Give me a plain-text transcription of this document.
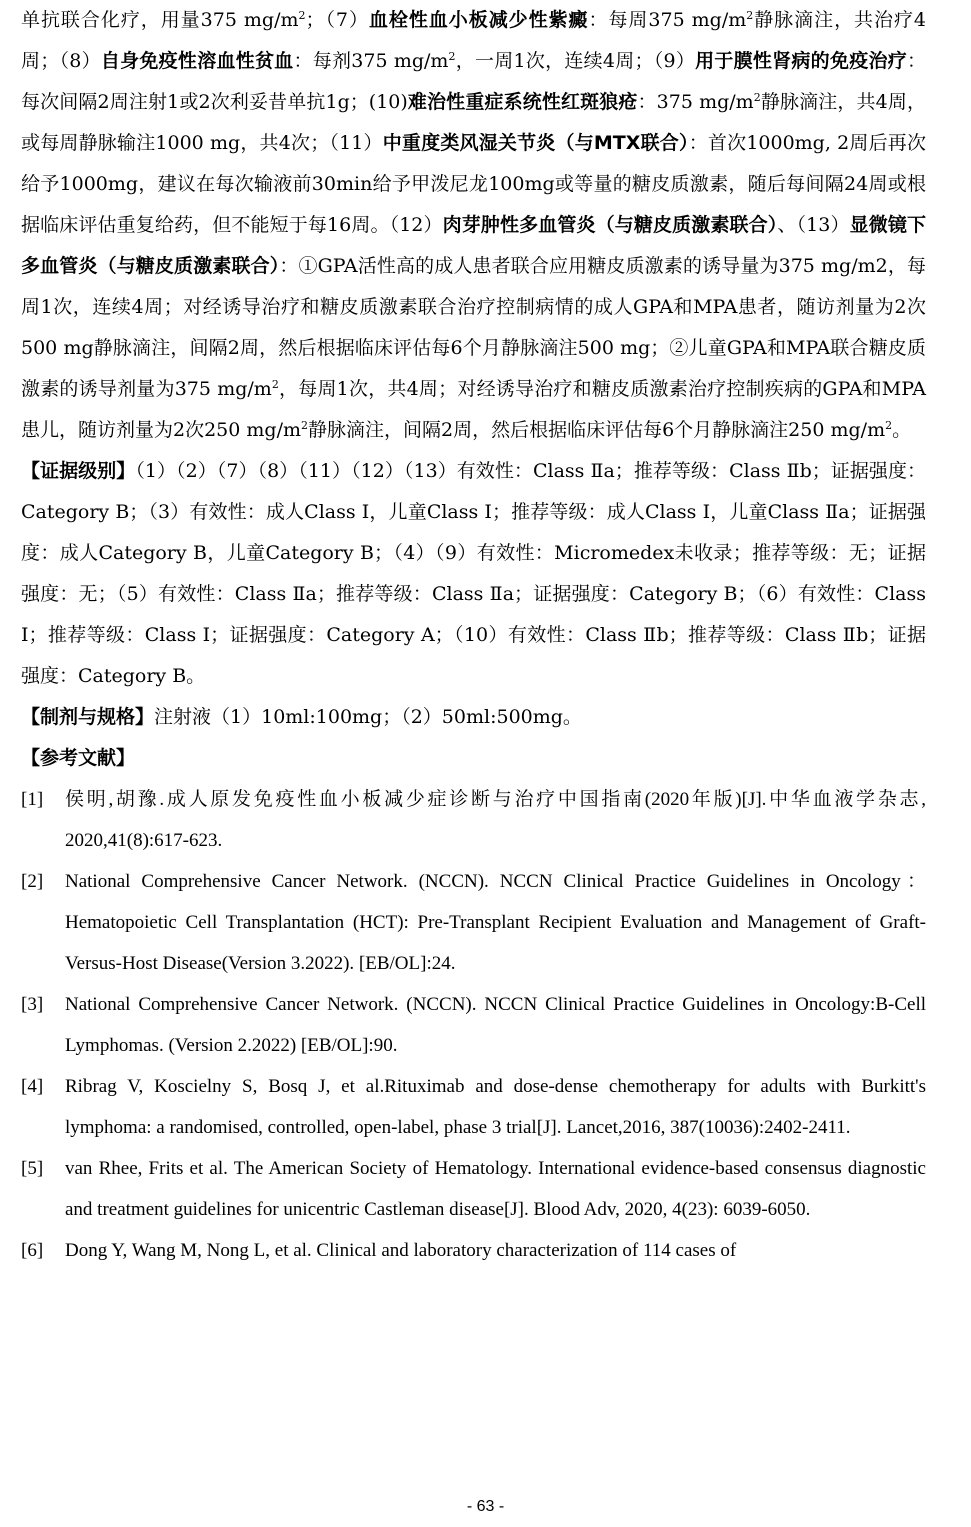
单抗联合化疗，用量375 $mg/m^2$；（7）血栓性血小板减少性紫癜：每周375 $mg/m^2$静脉滴注，共治疗4周；（8）自身免疫性溶血性贫血：每剂375 $mg/m^2$，一周1次，连续4周；（9）用于膜性肾病的免疫治疗：每次间隔2周注射1或2次利妥昔单抗1g；(10)难治性重症系统性红斑狼疮：375 $mg/m^2$静脉滴注，共4周，或每周静脉输注1000 mg，共4次；（11）中重度类风湿关节炎（与MTX联合）：首次1000mg, 2周后再次给予1000mg，建议在每次输液前30min给予甲泼尼龙100mg或等量的糖皮质激素，随后每间隔24周或根据临床评估重复给药，但不能短于每16周。（12）肉芽肿性多血管炎（与糖皮质激素联合）、（13）显微镜下多血管炎（与糖皮质激素联合）：①GPA活性高的成人患者联合应用糖皮质激素的诱导量为375 mg/m2，每周1次，连续4周；对经诱导治疗和糖皮质激素联合治疗控制病情的成人GPA和MPA患者，随访剂量为2次500 mg静脉滴注，间隔2周，然后根据临床评估每6个月静脉滴注500 mg；②儿童GPA和MPA联合糖皮质激素的诱导剂量为375 $mg/m^2$，每周1次，共4周；对经诱导治疗和糖皮质激素治疗控制疾病的GPA和MPA患儿，随访剂量为2次250 $mg/m^2$静脉滴注，间隔2周，然后根据临床评估每6个月静脉滴注250 $mg/m^2$。

【证据级别】（1）（2）（7）（8）（11）（12）（13）有效性：Class Ⅱa；推荐等级：Class Ⅱb；证据强度：Category B；（3）有效性：成人Class I，儿童Class I；推荐等级：成人Class I，儿童Class Ⅱa；证据强度：成人Category B，儿童Category B；（4）（9）有效性：Micromedex未收录；推荐等级：无；证据强度：无；（5）有效性：Class Ⅱa；推荐等级：Class Ⅱa；证据强度：Category B；（6）有效性：Class I；推荐等级：Class I；证据强度：Category A；（10）有效性：Class Ⅱb；推荐等级：Class Ⅱb；证据强度：Category B。

【制剂与规格】注射液（1）10ml:100mg；（2）50ml:500mg。

【参考文献】

[1]	侯明,胡豫.成人原发免疫性血小板减少症诊断与治疗中国指南(2020年版)[J].中华血液学杂志, 2020,41(8):617-623.
[2]	National Comprehensive Cancer Network. (NCCN). NCCN Clinical Practice Guidelines in Oncology：Hematopoietic Cell Transplantation (HCT): Pre-Transplant Recipient Evaluation and Management of Graft-Versus-Host Disease(Version 3.2022). [EB/OL]:24.
[3]	National Comprehensive Cancer Network. (NCCN). NCCN Clinical Practice Guidelines in Oncology:B-Cell Lymphomas. (Version 2.2022) [EB/OL]:90.
[4]	Ribrag V, Koscielny S, Bosq J, et al.Rituximab and dose-dense chemotherapy for adults with Burkitt's lymphoma: a randomised, controlled, open-label, phase 3 trial[J]. Lancet,2016, 387(10036):2402-2411.
[5]	van Rhee, Frits et al. The American Society of Hematology. International evidence-based consensus diagnostic and treatment guidelines for unicentric Castleman disease[J]. Blood Adv, 2020, 4(23): 6039-6050.
[6]	Dong Y, Wang M, Nong L, et al. Clinical and laboratory characterization of 114 cases of
- 63 -
